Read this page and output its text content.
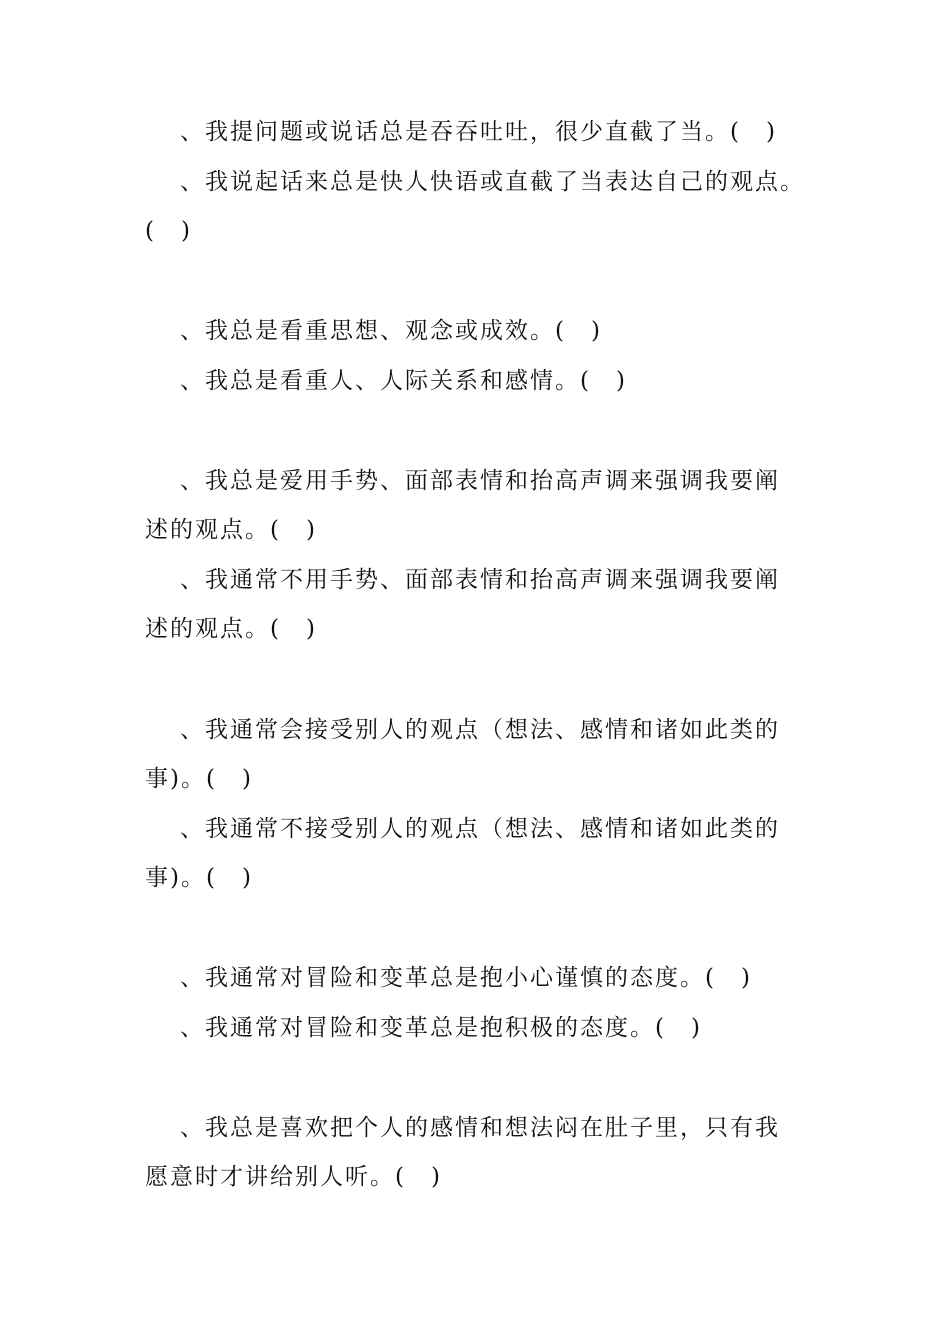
、我提问题或说话总是吞吞吐吐，很少直截了当。(　)
、我说起话来总是快人快语或直截了当表达自己的观点。
(　)
、我总是看重思想、观念或成效。(　)
、我总是看重人、人际关系和感情。(　)
、我总是爱用手势、面部表情和抬高声调来强调我要阐
述的观点。(　)
、我通常不用手势、面部表情和抬高声调来强调我要阐
述的观点。(　)
、我通常会接受别人的观点（想法、感情和诸如此类的
事)。(　)
、我通常不接受别人的观点（想法、感情和诸如此类的
事)。(　)
、我通常对冒险和变革总是抱小心谨慎的态度。(　)
、我通常对冒险和变革总是抱积极的态度。(　)
、我总是喜欢把个人的感情和想法闷在肚子里，只有我
愿意时才讲给别人听。(　)
